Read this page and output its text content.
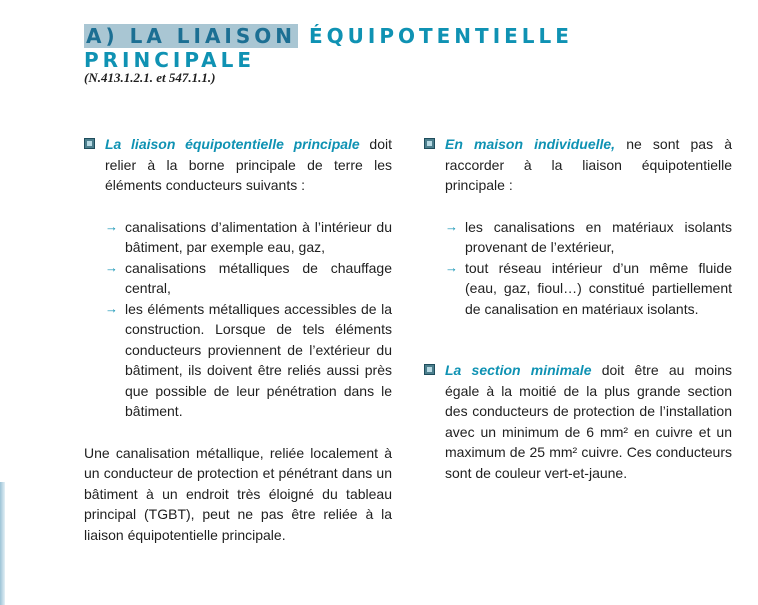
A) LA LIAISON ÉQUIPOTENTIELLE
PRINCIPALE
(N.413.1.2.1. et 547.1.1.)

La liaison équipotentielle principale doit relier à la borne principale de terre les éléments conducteurs suivants :

→ canalisations d’alimentation à l’intérieur du bâtiment, par exemple eau, gaz,
→ canalisations métalliques de chauffage central,
→ les éléments métalliques accessibles de la construction. Lorsque de tels éléments conducteurs proviennent de l’extérieur du bâtiment, ils doivent être reliés aussi près que possible de leur pénétration dans le bâtiment.

Une canalisation métallique, reliée localement à un conducteur de protection et pénétrant dans un bâtiment à un endroit très éloigné du tableau principal (TGBT), peut ne pas être reliée à la liaison équipotentielle principale.

En maison individuelle, ne sont pas à raccorder à la liaison équipotentielle principale :

→ les canalisations en matériaux isolants provenant de l’extérieur,
→ tout réseau intérieur d’un même fluide (eau, gaz, fioul…) constitué partiellement de canalisation en matériaux isolants.

La section minimale doit être au moins égale à la moitié de la plus grande section des conducteurs de protection de l’installation avec un minimum de 6 mm² en cuivre et un maximum de 25 mm² cuivre. Ces conducteurs sont de couleur vert-et-jaune.
